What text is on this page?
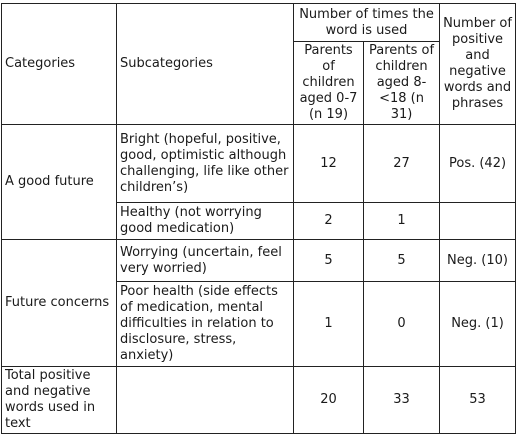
Categories	Subcategories	Number of times the word is used		Number of positive and negative words and phrases
		Parents of children aged 0-7 (n 19)	Parents of children aged 8-<18 (n 31)	
A good future	Bright (hopeful, positive, good, optimistic although challenging, life like other children’s)	12	27	Pos. (42)
	Healthy (not worrying good medication)	2	1	
Future concerns	Worrying (uncertain, feel very worried)	5	5	Neg. (10)
	Poor health (side effects of medication, mental difficulties in relation to disclosure, stress, anxiety)	1	0	Neg. (1)
Total positive and negative words used in text		20	33	53
